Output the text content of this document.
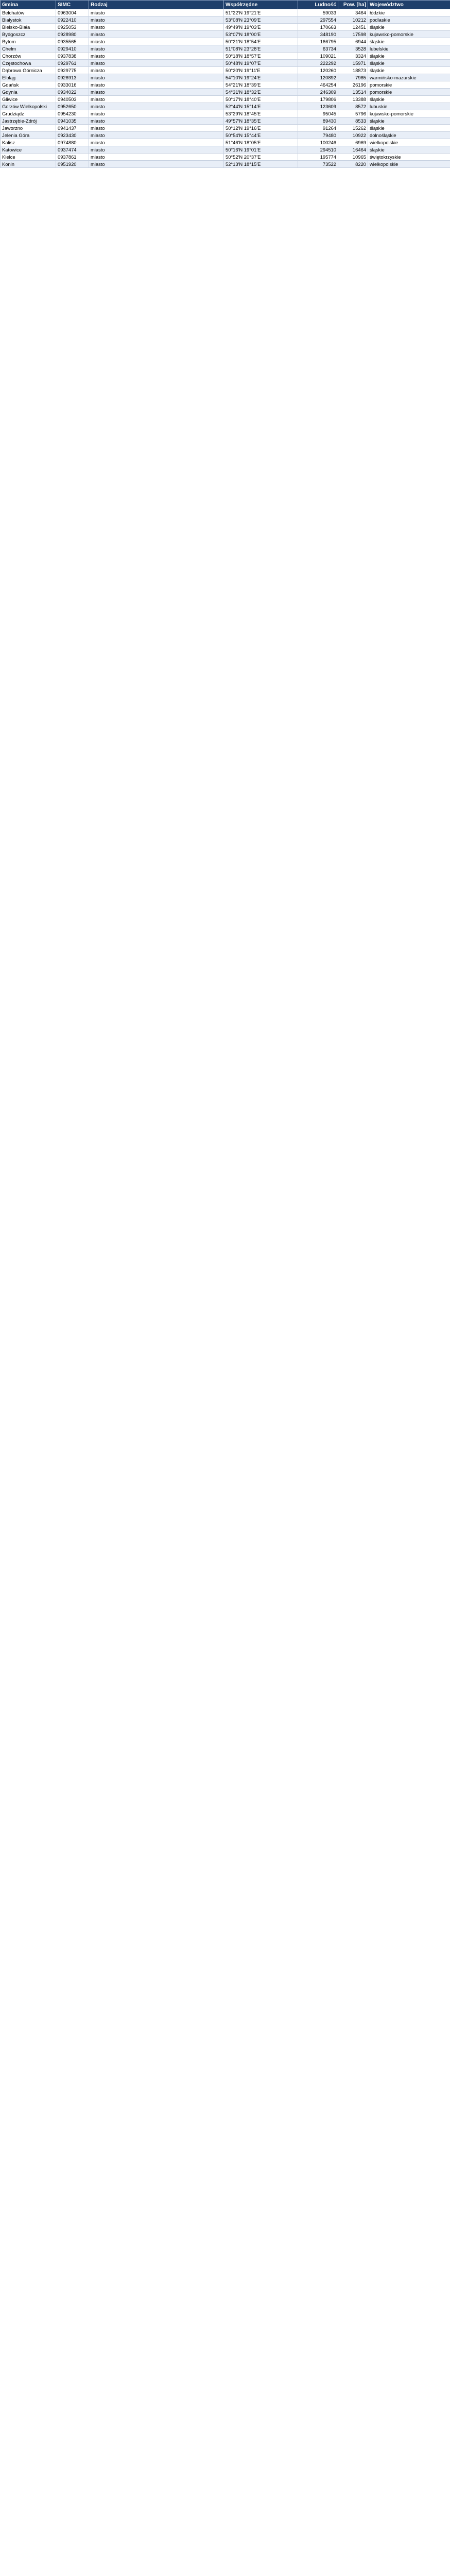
Gmina	SIMC	Rodzaj	Współrzędne	Ludność	Pow. [ha]	Województwo
Bełchatów	0963004	miasto	51°22′N 19°21′E	59033	3464	łódzkie
Białystok	0922410	miasto	53°08′N 23°09′E	297554	10212	podlaskie
Bielsko-Biała	0925053	miasto	49°49′N 19°03′E	170663	12451	śląskie
Bydgoszcz	0928980	miasto	53°07′N 18°00′E	348190	17598	kujawsko-pomorskie
Bytom	0935565	miasto	50°21′N 18°54′E	166795	6944	śląskie
Chełm	0929410	miasto	51°08′N 23°28′E	63734	3528	lubelskie
Chorzów	0937838	miasto	50°18′N 18°57′E	109021	3324	śląskie
Częstochowa	0929761	miasto	50°48′N 19°07′E	222292	15971	śląskie
Dąbrowa Górnicza	0929775	miasto	50°20′N 19°11′E	120260	18873	śląskie
Elbląg	0926913	miasto	54°10′N 19°24′E	120892	7985	warmińsko-mazurskie
Gdańsk	0933016	miasto	54°21′N 18°39′E	464254	26196	pomorskie
Gdynia	0934022	miasto	54°31′N 18°32′E	246309	13514	pomorskie
Gliwice	0940503	miasto	50°17′N 18°40′E	179806	13388	śląskie
Gorzów Wielkopolski	0952650	miasto	52°44′N 15°14′E	123609	8572	lubuskie
Grudziądz	0954230	miasto	53°29′N 18°45′E	95045	5796	kujawsko-pomorskie
Jastrzębie-Zdrój	0941035	miasto	49°57′N 18°35′E	89430	8533	śląskie
Jaworzno	0941437	miasto	50°12′N 19°16′E	91264	15262	śląskie
Jelenia Góra	0923430	miasto	50°54′N 15°44′E	79480	10922	dolnośląskie
Kalisz	0974880	miasto	51°46′N 18°05′E	100246	6969	wielkopolskie
Katowice	0937474	miasto	50°16′N 19°01′E	294510	16464	śląskie
Kielce	0937861	miasto	50°52′N 20°37′E	195774	10965	świętokrzyskie
Konin	0951920	miasto	52°13′N 18°15′E	73522	8220	wielkopolskie
